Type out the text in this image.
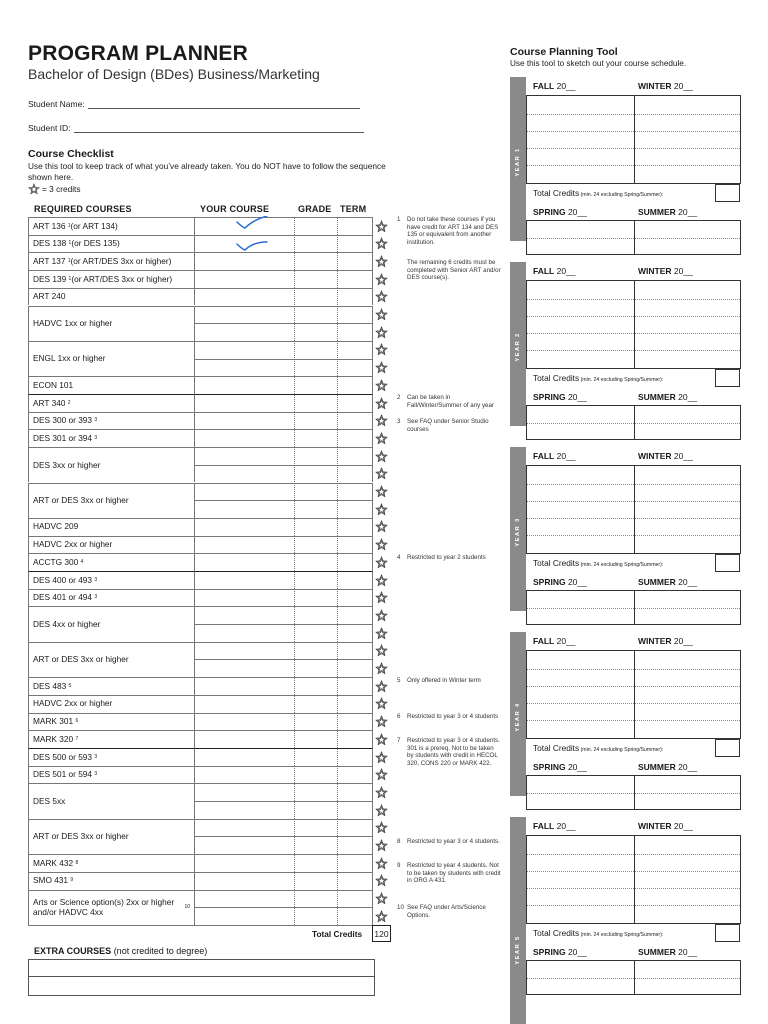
PROGRAM PLANNER
Bachelor of Design (BDes) Business/Marketing
Student Name:
Student ID:
Course Checklist
Use this tool to keep track of what you’ve already taken. You do NOT have to follow the sequence shown here.
= 3 credits
REQUIRED COURSES	YOUR COURSE	GRADE TERM
ART 136
1 (or ART 134)
DES 138
1 (or DES 135)
ART 137
1 (or ART/DES 3xx or higher)
DES 139
1 (or ART/DES 3xx or higher)
ART 240
HADVC 1xx or higher
ENGL 1xx or higher
ECON 101
ART 340
2
DES 300 or 393
3
DES 301 or 394
3
DES 3xx or higher
ART or DES 3xx or higher
HADVC 209
HADVC 2xx or higher
ACCTG 300
4
DES 400 or 493
3
DES 401 or 494
3
DES 4xx or higher
ART or DES 3xx or higher
DES 483
5
HADVC 2xx or higher
MARK 301
6
MARK 320
7
DES 500 or 593
3
DES 501 or 594
3
DES 5xx
ART or DES 3xx or higher
MARK 432
8
SMO 431
9
Arts or Science option(s) 2xx or higher and/or HADVC 4xx
	10
1	Do not take these courses if you have credit for ART 134 and DES 135 or equivalent from another institution.
The remaining 6 credits must be completed with Senior ART and/or DES course(s).
2	Can be taken in Fall/Winter/Summer of any year
3	See FAQ under Senior Studio courses
4	Restricted to year 2 students
5	Only offered in Winter term
6	Restricted to year 3 or 4 students
7	Restricted to year 3 or 4 students. 301 is a prereq. Not to be taken by students with credit in HECOL 320, CONS 220 or MARK 422.
8	Restricted to year 3 or 4 students.
9	Restricted to year 4 students. Not to be taken by students with credit in ORG A 431.
10 See FAQ under Arts/Science Options.
Total Credits 120
EXTRA COURSES (not credited to degree)
Course Planning Tool
Use this tool to sketch out your course schedule.
YEAR 1
FALL 20__	WINTER 20__
Total Credits (min. 24 excluding Spring/Summer):
SPRING 20__	SUMMER 20__
YEAR 2
FALL 20__	WINTER 20__
Total Credits (min. 24 excluding Spring/Summer):
SPRING 20__	SUMMER 20__
YEAR 3
FALL 20__	WINTER 20__
Total Credits (min. 24 excluding Spring/Summer):
SPRING 20__	SUMMER 20__
YEAR 4
FALL 20__	WINTER 20__
Total Credits (min. 24 excluding Spring/Summer):
SPRING 20__	SUMMER 20__
YEAR 5
FALL 20__	WINTER 20__
Total Credits (min. 24 excluding Spring/Summer):
SPRING 20__	SUMMER 20__
